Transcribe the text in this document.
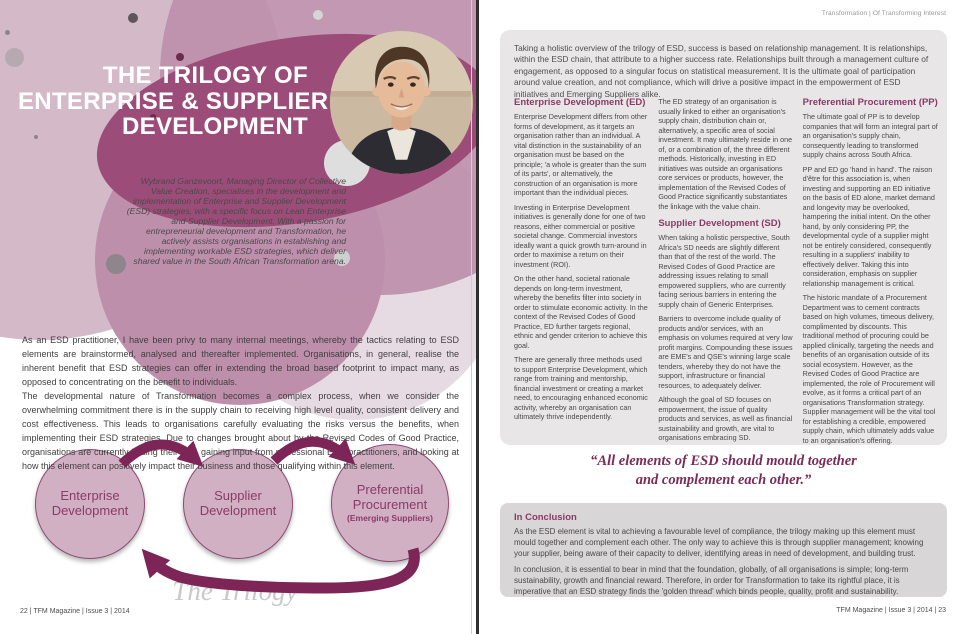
THE TRILOGY OF
ENTERPRISE & SUPPLIER
DEVELOPMENT
Wybrand Ganzevoort, Managing Director of Collective Value Creation, specialises in the development and implementation of Enterprise and Supplier Development (ESD) strategies, with a specific focus on Lean Enterprise and Supplier Development. With a passion for entrepreneurial development and Transformation, he actively assists organisations in establishing and implementing workable ESD strategies, which deliver shared value in the South African Transformation arena.
As an ESD practitioner, I have been privy to many internal meetings, whereby the tactics relating to ESD elements are brainstormed, analysed and thereafter implemented. Organisations, in general, realise the inherent benefit that ESD strategies can offer in extending the broad based footprint to impact many, as opposed to concentrating on the benefit to individuals.
The developmental nature of Transformation becomes a complex process, when we consider the overwhelming commitment there is in the supply chain to receiving high level quality, consistent delivery and cost effectiveness. This leads to organisations carefully evaluating the risks versus the benefits, when implementing their ESD strategies. Due to changes brought about by the Revised Codes of Good Practice, organisations are currently finding their feet, gaining input from professional ESD practitioners, and looking at how this element can positively impact their business and those qualifying within this element.
Enterprise Development
Supplier Development
Preferential Procurement
(Emerging Suppliers)
The Trilogy
22 | TFM Magazine | Issue 3 | 2014
Transformation | Of Transforming Interest
Taking a holistic overview of the trilogy of ESD, success is based on relationship management. It is relationships, within the ESD chain, that attribute to a higher success rate. Relationships built through a management culture of engagement, as opposed to a singular focus on statistical measurement. It is the ultimate goal of participation around value creation, and not compliance, which will drive a positive impact in the empowerment of ESD initiatives and Emerging Suppliers alike.
Enterprise Development (ED)

Enterprise Development differs from other forms of development, as it targets an organisation rather than an individual. A vital distinction in the sustainability of an organisation must be based on the principle; 'a whole is greater than the sum of its parts', or alternatively, the construction of an organisation is more important than the individual pieces.

Investing in Enterprise Development initiatives is generally done for one of two reasons, either commercial or positive societal change. Commercial investors ideally want a quick growth turn-around in order to maximise a return on their investment (ROI).

On the other hand, societal rationale depends on long-term investment, whereby the benefits filter into society in order to stimulate economic activity. In the context of the Revised Codes of Good Practice, ED further targets regional, ethnic and gender criterion to achieve this goal.

There are generally three methods used to support Enterprise Development, which range from training and mentorship, financial investment or creating a market need, to encouraging enhanced economic activity, whereby an organisation can ultimately thrive independently.

The ED strategy of an organisation is usually linked to either an organisation's supply chain, distribution chain or, alternatively, a specific area of social investment. It may ultimately reside in one of, or a combination of, the three different methods. Historically, investing in ED initiatives was outside an organisations core services or products, however, the implementation of the Revised Codes of Good Practice significantly substantiates the linkage with the value chain.

Supplier Development (SD)

When taking a holistic perspective, South Africa's SD needs are slightly different than that of the rest of the world. The Revised Codes of Good Practice are addressing issues relating to small empowered suppliers, who are currently facing serious barriers in entering the supply chain of Generic Enterprises.

Barriers to overcome include quality of products and/or services, with an emphasis on volumes required at very low profit margins. Compounding these issues are EME's and QSE's winning large scale tenders, whereby they do not have the support, infrastructure or financial resources, to adequately deliver.

Although the goal of SD focuses on empowerment, the issue of quality products and services, as well as financial sustainability and growth, are vital to organisations embracing SD.

Preferential Procurement (PP)

The ultimate goal of PP is to develop companies that will form an integral part of an organisation's supply chain, consequently leading to transformed supply chains across South Africa.

PP and ED go 'hand in hand'. The raison d'être for this association is, when investing and supporting an ED initiative on the basis of ED alone, market demand and longevity may be overlooked, hampering the initial intent. On the other hand, by only considering PP, the developmental cycle of a supplier might not be entirely considered, consequently resulting in a suppliers' inability to effectively deliver. Taking this into consideration, emphasis on supplier relationship management is critical.

The historic mandate of a Procurement Department was to cement contracts based on high volumes, timeous delivery, complimented by discounts. This traditional method of procuring could be applied clinically, targeting the needs and benefits of an organisation outside of its social ecosystem. However, as the Revised Codes of Good Practice are implemented, the role of Procurement will evolve, as it forms a critical part of an organisations Transformation strategy. Supplier management will be the vital tool for establishing a credible, empowered supply chain, which ultimately adds value to an organisation's offering.

“All elements of ESD should mould together
and complement each other.”
In Conclusion

As the ESD element is vital to achieving a favourable level of compliance, the trilogy making up this element must mould together and complement each other. The only way to achieve this is through supplier management; knowing your supplier, being aware of their capacity to deliver, identifying areas in need of development, and building trust.

In conclusion, it is essential to bear in mind that the foundation, globally, of all organisations is simple; long-term sustainability, growth and financial reward. Therefore, in order for Transformation to take its rightful place, it is imperative that an ESD strategy finds the 'golden thread' which binds people, quality, profit and sustainability.

TFM Magazine | Issue 3 | 2014 | 23
